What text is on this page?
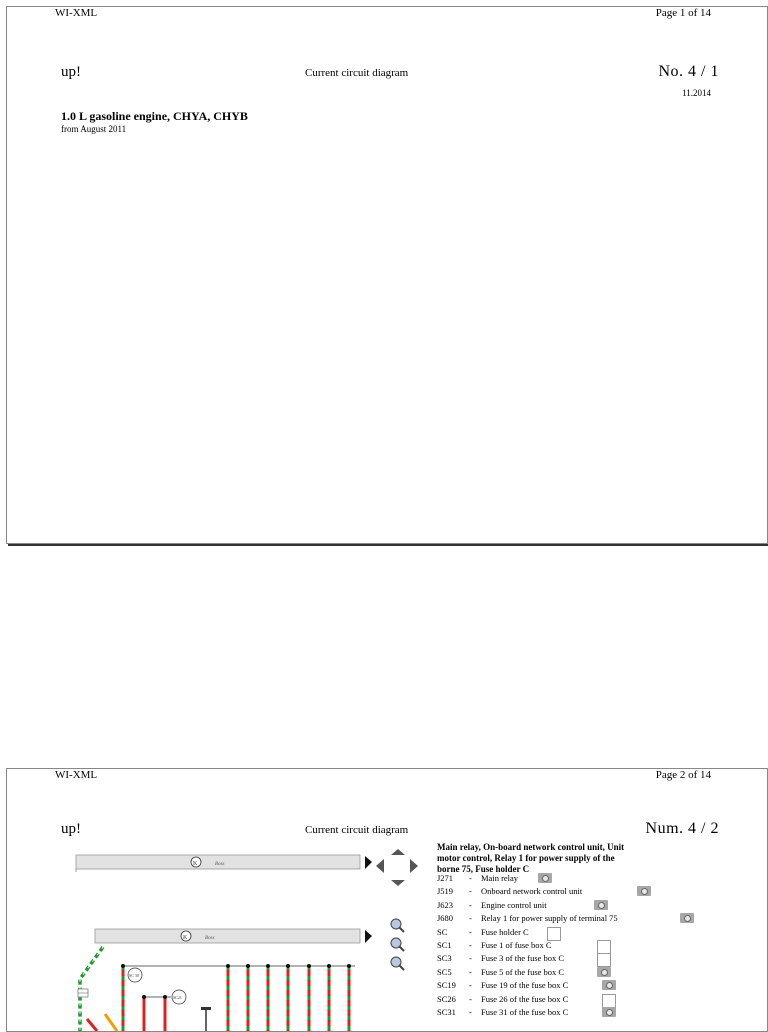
WI-XML	Page 1 of 14
up!	Current circuit diagram	No. 4 / 1
11.2014
1.0 L gasoline engine, CHYA, CHYB
from August 2011
WI-XML	Page 2 of 14
up!	Current circuit diagram	Num. 4 / 2
K	Boss
K	Boss
SC 30
SC21
Main relay, On-board network control unit, Unit motor control, Relay 1 for power supply of the borne 75, Fuse holder C
J271	- Main relay
J519	- Onboard network control unit
J623	- Engine control unit
J680	- Relay 1 for power supply of terminal 75
SC	- Fuse holder C
SC1	- Fuse 1 of fuse box C
SC3	- Fuse 3 of the fuse box C
SC5	- Fuse 5 of the fuse box C
SC19	- Fuse 19 of the fuse box C
SC26	- Fuse 26 of the fuse box C
SC31	- Fuse 31 of the fuse box C
